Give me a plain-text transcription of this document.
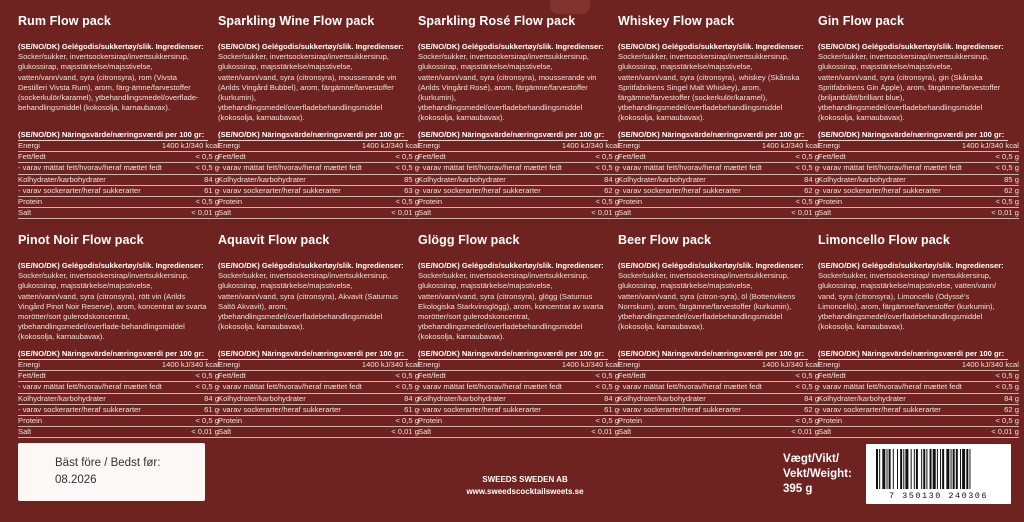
Rum Flow pack
(SE/NO/DK) Gelégodis/sukkertøy/slik. Ingredienser:
Socker/sukker, invertsockersirap/invertsukkersirup, glukossirap, majsstärkelse/majsstivelse, vatten/vann/vand, syra (citronsyra), rom (Vivsta Destilleri Vivsta Rum), arom, färg-ämne/farvestoffer (sockerkulör/karamel), ytbehandlingsmedel/overflade-behandlingsmiddel (kokosolja, karnaubavax).
(SE/NO/DK) Näringsvärde/næringsværdi per 100 gr:
Energi	1400 kJ/340 kcal
Fett/fedt	< 0,5 g
- varav mättat fett/hvorav/heraf mættet fedt	< 0,5 g
Kolhydrater/karbohydrater	84 g
- varav sockerarter/heraf sukkerarter	61 g
Protein	< 0,5 g
Salt	< 0,01 g
Sparkling Wine Flow pack
(SE/NO/DK) Gelégodis/sukkertøy/slik. Ingredienser:
Socker/sukker, invertsockersirap/invertsukkersirup, glukossirap, majsstärkelse/majsstivelse, vatten/vann/vand, syra (citronsyra), mousserande vin (Arilds Vingård Bubbel), arom, färgämne/farvestoffer (kurkumin), ytbehandlingsmedel/overfladebehandlingsmiddel (kokosolja, karnaubavax).
(SE/NO/DK) Näringsvärde/næringsværdi per 100 gr:
Energi	1400 kJ/340 kcal
Fett/fedt	< 0,5 g
- varav mättat fett/hvorav/heraf mættet fedt	< 0,5 g
Kolhydrater/karbohydrater	85 g
- varav sockerarter/heraf sukkerarter	63 g
Protein	< 0,5 g
Salt	< 0,01 g
Sparkling Rosé Flow pack
(SE/NO/DK) Gelégodis/sukkertøy/slik. Ingredienser:
Socker/sukker, invertsockersirap/invertsukkersirup, glukossirap, majsstärkelse/majsstivelse, vatten/vann/vand, syra (citronsyra), mousserande vin (Arilds Vingård Rosé), arom, färgämne/farvestoffer (kurkumin), ytbehandlingsmedel/overfladebehandlingsmiddel (kokosolja, karnaubavax).
(SE/NO/DK) Näringsvärde/næringsværdi per 100 gr:
Energi	1400 kJ/340 kcal
Fett/fedt	< 0,5 g
- varav mättat fett/hvorav/heraf mættet fedt	< 0,5 g
Kolhydrater/karbohydrater	84 g
- varav sockerarter/heraf sukkerarter	62 g
Protein	< 0,5 g
Salt	< 0,01 g
Whiskey Flow pack
(SE/NO/DK) Gelégodis/sukkertøy/slik. Ingredienser:
Socker/sukker, invertsockersirap/invertsukkersirup, glukossirap, majsstärkelse/majsstivelse, vatten/vann/vand, syra (citronsyra), whiskey (Skånska Spritfabrikens Singel Malt Whiskey), arom, färgämne/farvestoffer (sockerkulör/karamel), ytbehandlingsmedel/overfladebehandlingsmiddel (kokosolja, karnaubavax).
(SE/NO/DK) Näringsvärde/næringsværdi per 100 gr:
Energi	1400 kJ/340 kcal
Fett/fedt	< 0,5 g
- varav mättat fett/hvorav/heraf mættet fedt	< 0,5 g
Kolhydrater/karbohydrater	84 g
- varav sockerarter/heraf sukkerarter	62 g
Protein	< 0,5 g
Salt	< 0,01 g
Gin Flow pack
(SE/NO/DK) Gelégodis/sukkertøy/slik. Ingredienser:
Socker/sukker, invertsockersirap/invertsukkersirup, glukossirap, majsstärkelse/majsstivelse, vatten/vann/vand, syra (citronsyra), gin (Skånska Spritfabrikens Gin Äpple), arom, färgämne/farvestoffer (briljantblått/brilliant blue), ytbehandlingsmedel/overfladebehandlingsmiddel (kokosolja, karnaubavax).
(SE/NO/DK) Näringsvärde/næringsværdi per 100 gr:
Energi	1400 kJ/340 kcal
Fett/fedt	< 0,5 g
- varav mättat fett/hvorav/heraf mættet fedt	< 0,5 g
Kolhydrater/karbohydrater	85 g
- varav sockerarter/heraf sukkerarter	62 g
Protein	< 0,5 g
Salt	< 0,01 g
Pinot Noir Flow pack
(SE/NO/DK) Gelégodis/sukkertøy/slik. Ingredienser:
Socker/sukker, invertsockersirap/invertsukkersirup, glukossirap, majsstärkelse/majsstivelse, vatten/vann/vand, syra (citronsyra), rött vin (Arilds Vingård Pinot Noir Reserve), arom, koncentrat av svarta morötter/sort gulerodskoncentrat, ytbehandlingsmedel/overflade-behandlingsmiddel (kokosolja, karnaubavax).
(SE/NO/DK) Näringsvärde/næringsværdi per 100 gr:
Energi	1400 kJ/340 kcal
Fett/fedt	< 0,5 g
- varav mättat fett/hvorav/heraf mættet fedt	< 0,5 g
Kolhydrater/karbohydrater	84 g
- varav sockerarter/heraf sukkerarter	61 g
Protein	< 0,5 g
Salt	< 0,01 g
Aquavit Flow pack
(SE/NO/DK) Gelégodis/sukkertøy/slik. Ingredienser:
Socker/sukker, invertsockersirap/invertsukkersirup, glukossirap, majsstärkelse/majsstivelse, vatten/vann/vand, syra (citronsyra), Akvavit (Saturnus Saltö Akvavit), arom, ytbehandlingsmedel/overfladebehandlingsmiddel (kokosolja, karnaubavax).
(SE/NO/DK) Näringsvärde/næringsværdi per 100 gr:
Energi	1400 kJ/340 kcal
Fett/fedt	< 0,5 g
- varav mättat fett/hvorav/heraf mættet fedt	< 0,5 g
Kolhydrater/karbohydrater	84 g
- varav sockerarter/heraf sukkerarter	61 g
Protein	< 0,5 g
Salt	< 0,01 g
Glögg Flow pack
(SE/NO/DK) Gelégodis/sukkertøy/slik. Ingredienser:
Socker/sukker, invertsockersirap/invertsukkersirup, glukossirap, majsstärkelse/majsstivelse, vatten/vann/vand, syra (citronsyra), glögg (Saturnus Ekologiska Starkvinsglögg), arom, koncentrat av svarta morötter/sort gulerodskoncentrat, ytbehandlingsmedel/overfladebehandlingsmiddel (kokosolja, karnaubavax).
(SE/NO/DK) Näringsvärde/næringsværdi per 100 gr:
Energi	1400 kJ/340 kcal
Fett/fedt	< 0,5 g
- varav mättat fett/hvorav/heraf mættet fedt	< 0,5 g
Kolhydrater/karbohydrater	84 g
- varav sockerarter/heraf sukkerarter	61 g
Protein	< 0,5 g
Salt	< 0,01 g
Beer Flow pack
(SE/NO/DK) Gelégodis/sukkertøy/slik. Ingredienser:
Socker/sukker, invertsockersirap/invertsukkersirup, glukossirap, majsstärkelse/majsstivelse, vatten/vann/vand, syra (citron-syra), öl (Bottenvikens Norrskum), arom, färgämne/farvestoffer (kurkumin), ytbehandlingsmedel/overfladebehandlingsmiddel (kokosolja, karnaubavax).
(SE/NO/DK) Näringsvärde/næringsværdi per 100 gr:
Energi	1400 kJ/340 kcal
Fett/fedt	< 0,5 g
- varav mättat fett/hvorav/heraf mættet fedt	< 0,5 g
Kolhydrater/karbohydrater	84 g
- varav sockerarter/heraf sukkerarter	62 g
Protein	< 0,5 g
Salt	< 0,01 g
Limoncello Flow pack
(SE/NO/DK) Gelégodis/sukkertøy/slik. Ingredienser:
Socker/sukker, invertsockersirap/ invertsukkersirup, glukossirap, majsstärkelse/majsstivelse, vatten/vann/ vand, syra (citronsyra), Limoncello (Odyssé's Limoncello), arom, färgämne/farvestoffer (kurkumin), ytbehandlingsmedel/overfladebehandlingsmiddel (kokosolja, karnaubavax).
(SE/NO/DK) Näringsvärde/næringsværdi per 100 gr:
Energi	1400 kJ/340 kcal
Fett/fedt	< 0,5 g
- varav mättat fett/hvorav/heraf mættet fedt	< 0,5 g
Kolhydrater/karbohydrater	84 g
- varav sockerarter/heraf sukkerarter	62 g
Protein	< 0,5 g
Salt	< 0,01 g
Bäst före / Bedst før:
08.2026	SWEEDS SWEDEN AB
www.sweedscocktailsweets.se
Vægt/Vikt/
Vekt/Weight:
395 g
7 350130 240306
